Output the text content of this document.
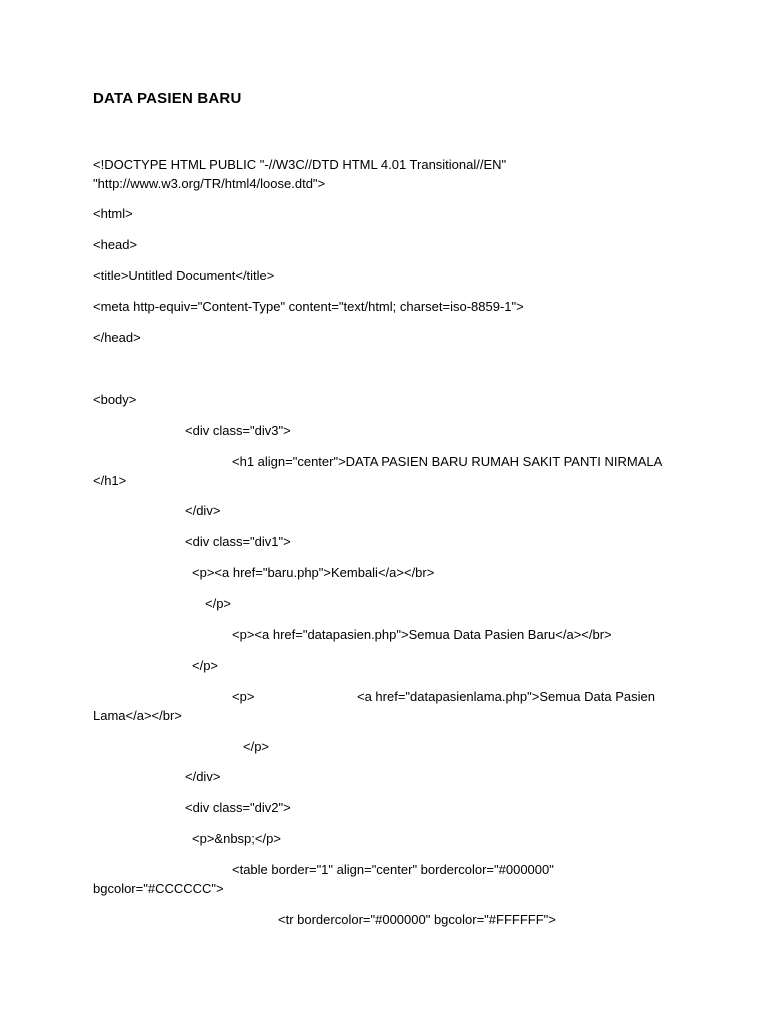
DATA PASIEN BARU
<!DOCTYPE HTML PUBLIC "-//W3C//DTD HTML 4.01 Transitional//EN"
"http://www.w3.org/TR/html4/loose.dtd">
<html>
<head>
<title>Untitled Document</title>
<meta http-equiv="Content-Type" content="text/html; charset=iso-8859-1">
</head>
<body>
<div class="div3">
<h1 align="center">DATA PASIEN BARU RUMAH SAKIT PANTI NIRMALA
</h1>
</div>
<div class="div1">
<p><a href="baru.php">Kembali</a></br>
</p>
<p><a href="datapasien.php">Semua Data Pasien Baru</a></br>
</p>
<p>	<a href="datapasienlama.php">Semua Data Pasien
Lama</a></br>
</p>
</div>
<div class="div2">
<p>&nbsp;</p>
<table border="1" align="center" bordercolor="#000000"
bgcolor="#CCCCCC">
<tr bordercolor="#000000" bgcolor="#FFFFFF">
